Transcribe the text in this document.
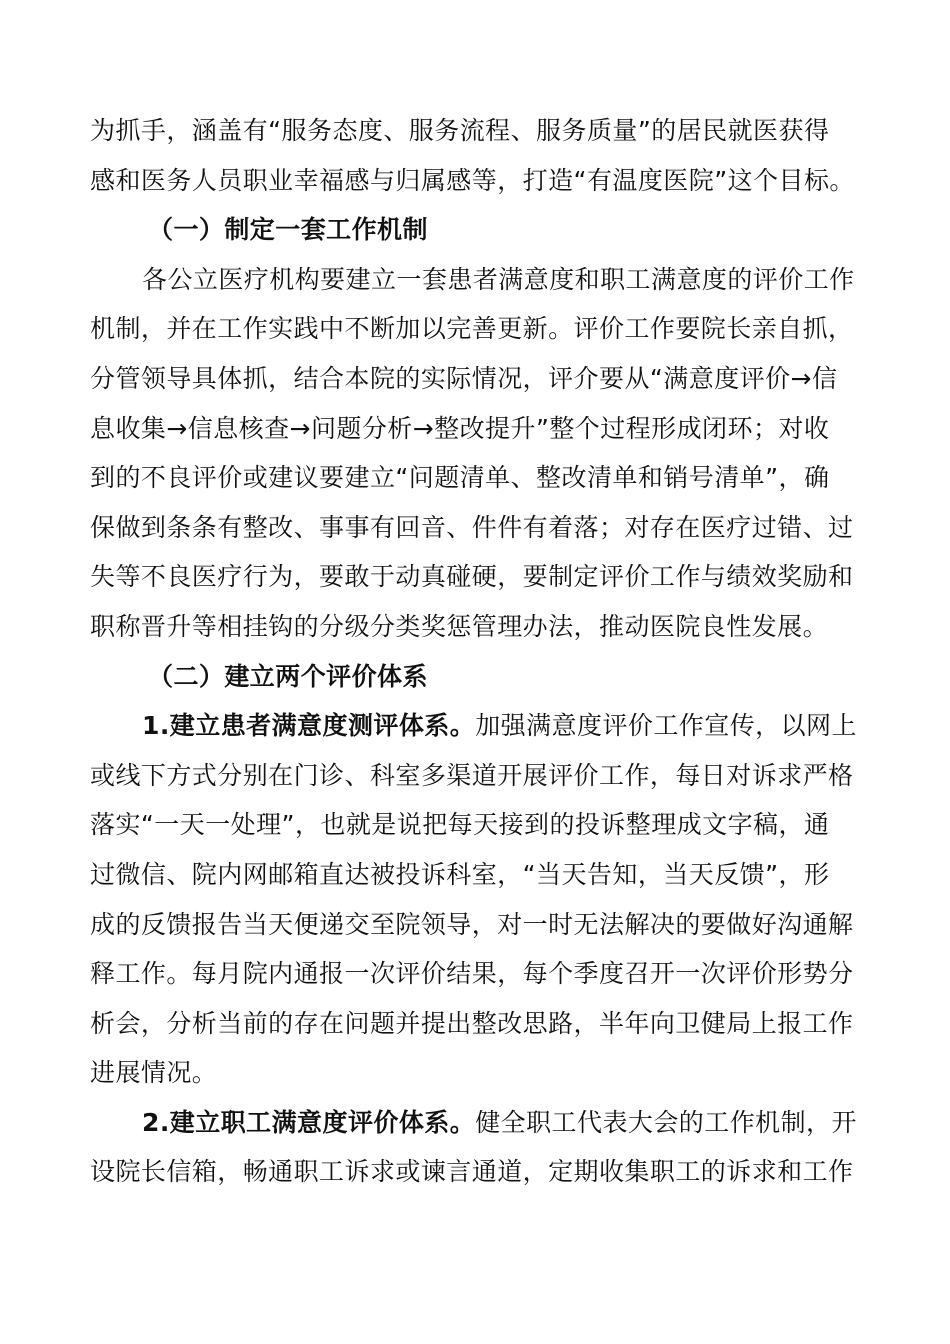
为抓手，涵盖有“服务态度、服务流程、服务质量”的居民就医获得
感和医务人员职业幸福感与归属感等，打造“有温度医院”这个目标。
（一）制定一套工作机制
各公立医疗机构要建立一套患者满意度和职工满意度的评价工作
机制，并在工作实践中不断加以完善更新。评价工作要院长亲自抓，
分管领导具体抓，结合本院的实际情况，评介要从“满意度评价→信
息收集→信息核查→问题分析→整改提升”整个过程形成闭环；对收
到的不良评价或建议要建立“问题清单、整改清单和销号清单”，确
保做到条条有整改、事事有回音、件件有着落；对存在医疗过错、过
失等不良医疗行为，要敢于动真碰硬，要制定评价工作与绩效奖励和
职称晋升等相挂钩的分级分类奖惩管理办法，推动医院良性发展。
（二）建立两个评价体系
1.建立患者满意度测评体系。加强满意度评价工作宣传，以网上
或线下方式分别在门诊、科室多渠道开展评价工作，每日对诉求严格
落实“一天一处理”，也就是说把每天接到的投诉整理成文字稿，通
过微信、院内网邮箱直达被投诉科室，“当天告知，当天反馈”，形
成的反馈报告当天便递交至院领导，对一时无法解决的要做好沟通解
释工作。每月院内通报一次评价结果，每个季度召开一次评价形势分
析会，分析当前的存在问题并提出整改思路，半年向卫健局上报工作
进展情况。
2.建立职工满意度评价体系。健全职工代表大会的工作机制，开
设院长信箱，畅通职工诉求或谏言通道，定期收集职工的诉求和工作
